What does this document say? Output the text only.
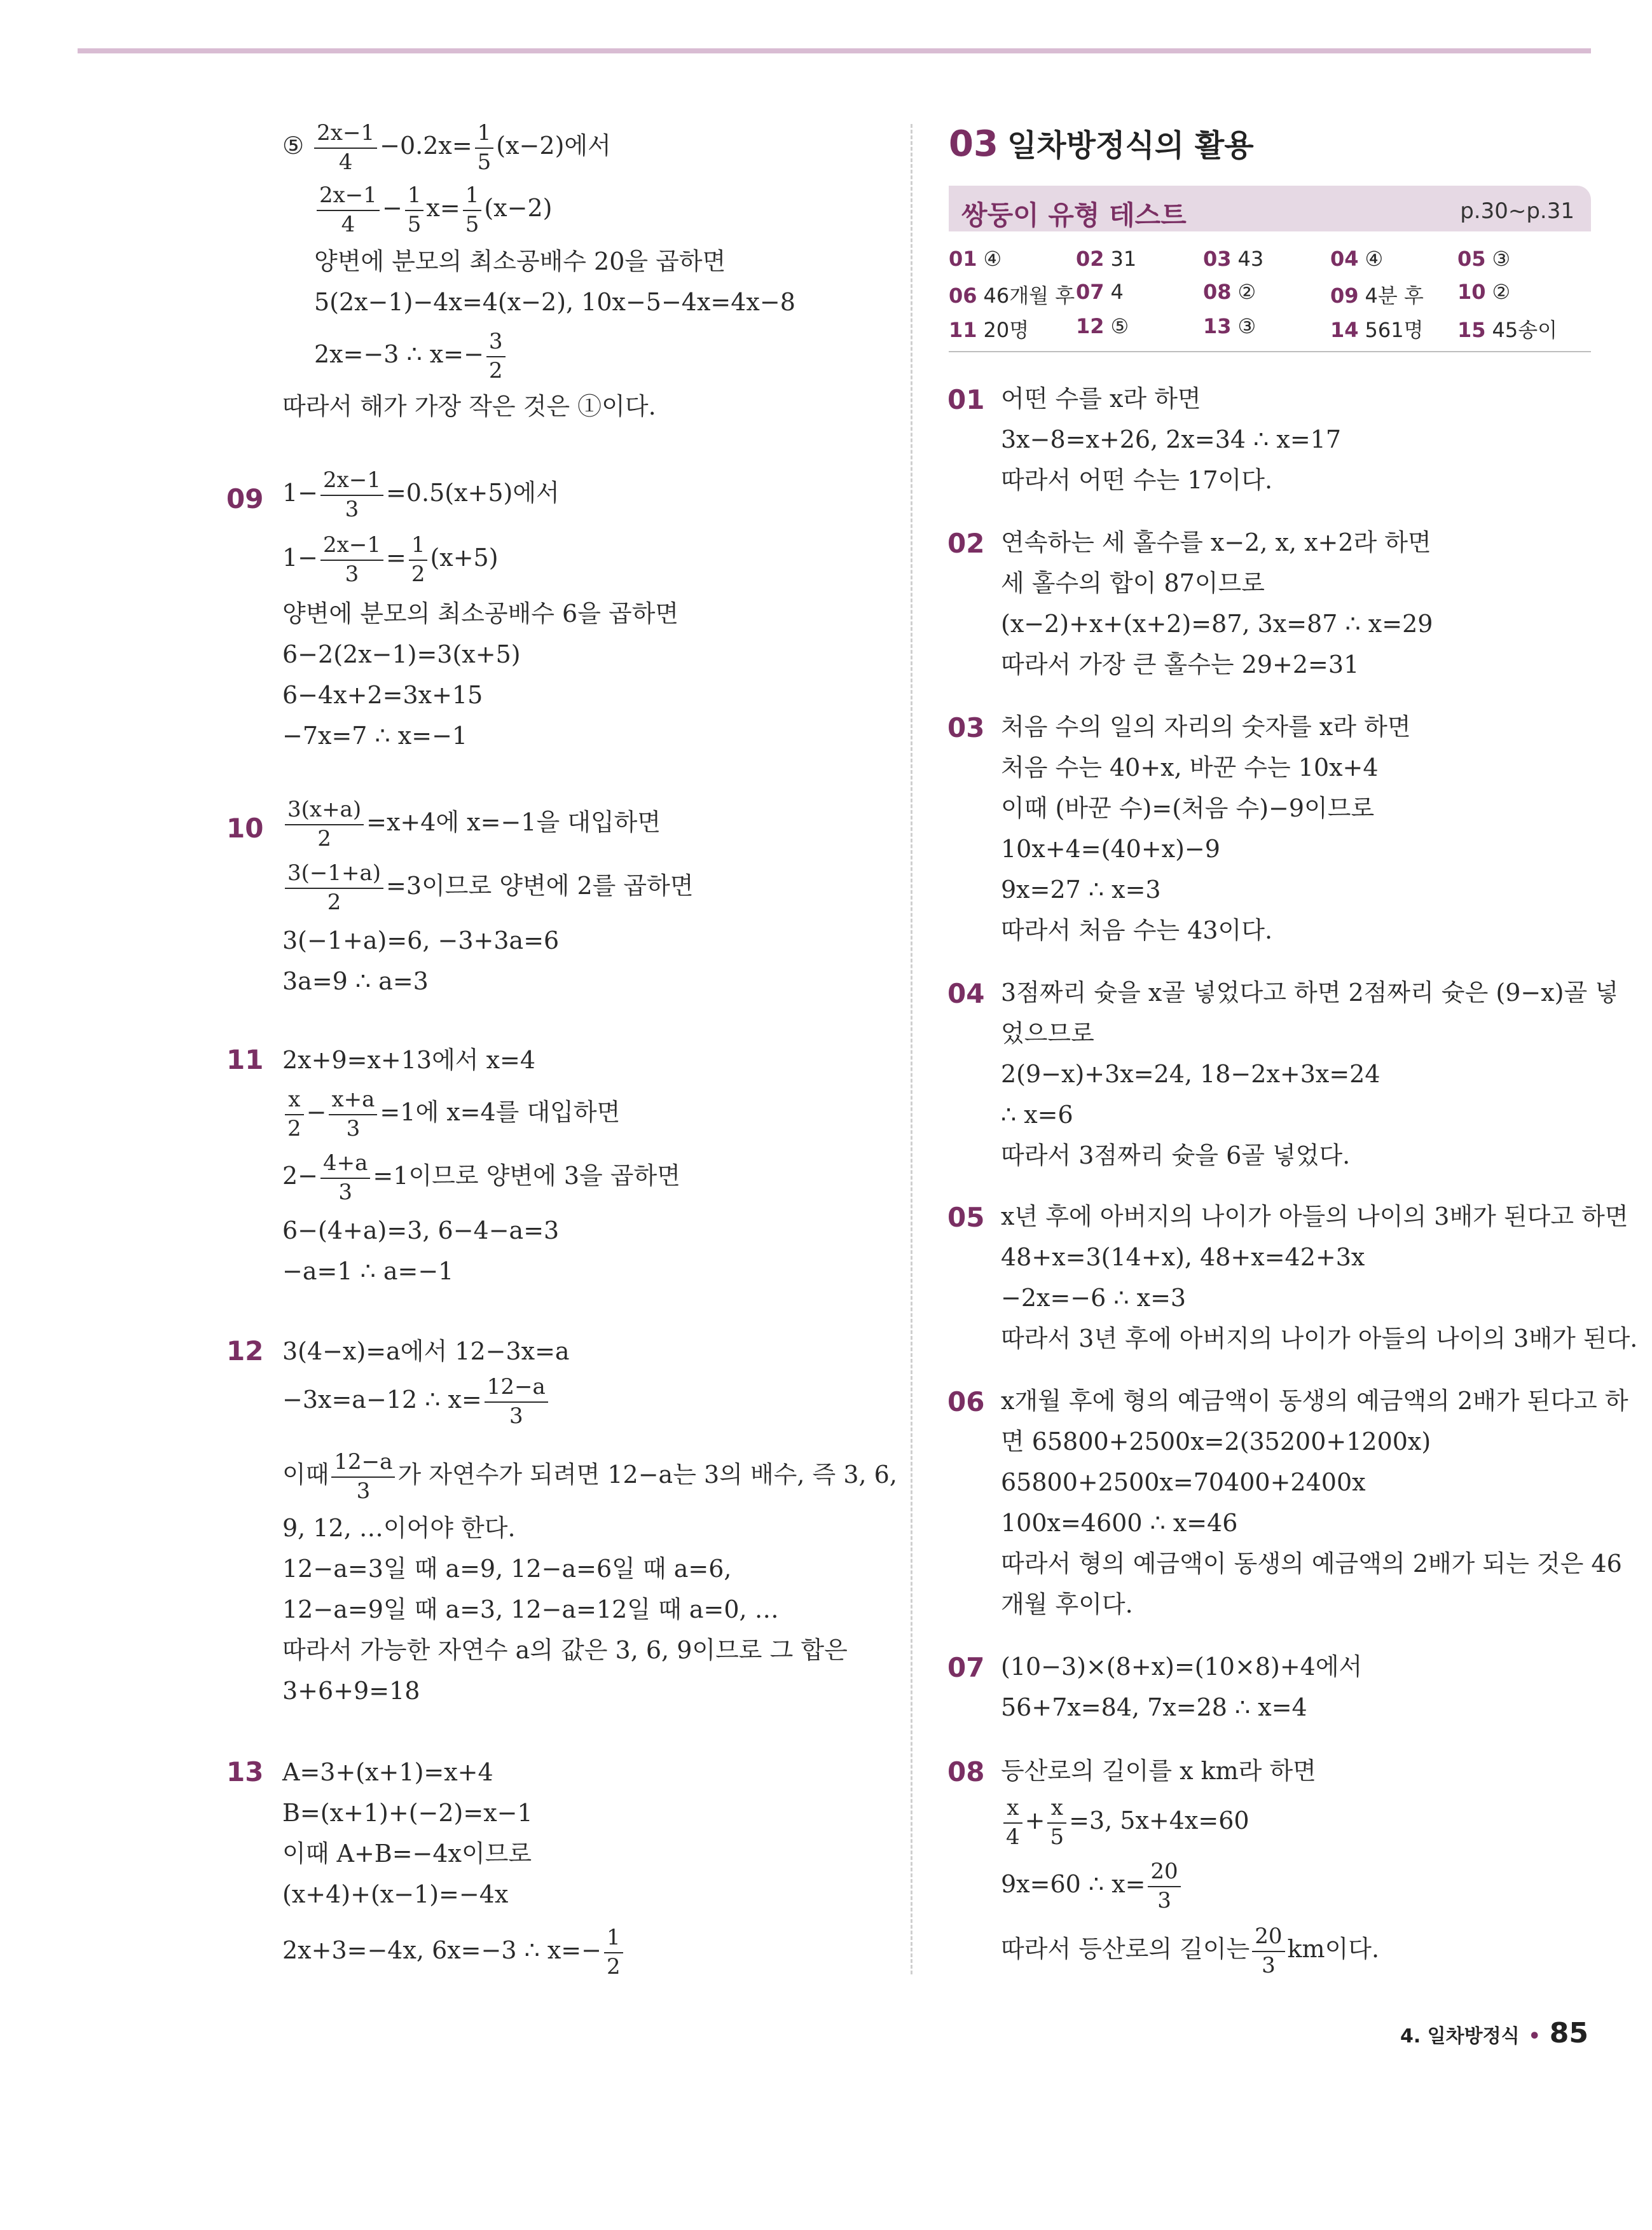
⑤ $\frac{2x-1}{4} -0.2x= \frac{1}{5} (x-2)$에서
$\frac{2x-1}{4} - \frac{1}{5} x= \frac{1}{5} (x-2)$
양변에 분모의 최소공배수 20을 곱하면
5(2x−1)−4x=4(x−2), 10x−5−4x=4x−8
2x=−3 ∴ $x=- \frac{3}{2}$
따라서 해가 가장 작은 것은 ①이다.
09 $1- \frac{2x-1}{3} =0.5(x+5)$에서
$1- \frac{2x-1}{3} = \frac{1}{2} (x+5)$
양변에 분모의 최소공배수 6을 곱하면
6−2(2x−1)=3(x+5)
6−4x+2=3x+15
−7x=7 ∴ x=−1
$10 \frac{3(x+a)}{2} =x+4$에 x=−1을 대입하면
$\frac{3(-1+a)}{2} =3$이므로 양변에 2를 곱하면
3(−1+a)=6, −3+3a=6
3a=9 ∴ a=3
11 2x+9=x+13에서 x=4
$\frac{x}{2} - \frac{x+a}{3} =1$에 x=4를 대입하면
$2- \frac{4+a}{3} =1$이므로 양변에 3을 곱하면
6−(4+a)=3, 6−4−a=3
−a=1 ∴ a=−1
12 3(4−x)=a에서 12−3x=a
−3x=a−12 ∴ $x= \frac{12-a}{3}$
이때 $\frac{12-a}{3}$ 가 자연수가 되려면 12−a는 3의 배수, 즉 3, 6,
9, 12, …이어야 한다.
12−a=3일 때 a=9, 12−a=6일 때 a=6,
12−a=9일 때 a=3, 12−a=12일 때 a=0, …
따라서 가능한 자연수 a의 값은 3, 6, 9이므로 그 합은
3+6+9=18
13 A=3+(x+1)=x+4
B=(x+1)+(−2)=x−1
이때 A+B=−4x이므로
(x+4)+(x−1)=−4x
2x+3=−4x, 6x=−3 ∴ $x=- \frac{1}{2}$
03 일차방정식의 활용
쌍둥이 유형 테스트	p.30~p.31
01 ④	02 31	03 43	04 ④	05 ③
06 46개월 후 07 4	08 ②	09 4분 후 10 ②
11 20명 12 ⑤	13 ③	14 561명 15 45송이
01 어떤 수를 x라 하면
3x−8=x+26, 2x=34 ∴ x=17
따라서 어떤 수는 17이다.
02 연속하는 세 홀수를 x−2, x, x+2라 하면
세 홀수의 합이 87이므로
(x−2)+x+(x+2)=87, 3x=87 ∴ x=29
따라서 가장 큰 홀수는 29+2=31
03 처음 수의 일의 자리의 숫자를 x라 하면
처음 수는 40+x, 바꾼 수는 10x+4
이때 (바꾼 수)=(처음 수)−9이므로
10x+4=(40+x)−9
9x=27 ∴ x=3
따라서 처음 수는 43이다.
04 3점짜리 슛을 x골 넣었다고 하면 2점짜리 슛은 (9−x)골 넣
었으므로
2(9−x)+3x=24, 18−2x+3x=24
∴ x=6
따라서 3점짜리 슛을 6골 넣었다.
05 x년 후에 아버지의 나이가 아들의 나이의 3배가 된다고 하면
48+x=3(14+x), 48+x=42+3x
−2x=−6 ∴ x=3
따라서 3년 후에 아버지의 나이가 아들의 나이의 3배가 된다.
06 x개월 후에 형의 예금액이 동생의 예금액의 2배가 된다고 하
면 65800+2500x=2(35200+1200x)
65800+2500x=70400+2400x
100x=4600 ∴ x=46
따라서 형의 예금액이 동생의 예금액의 2배가 되는 것은 46
개월 후이다.
07 (10−3)×(8+x)=(10×8)+4에서
56+7x=84, 7x=28 ∴ x=4
08 등산로의 길이를 x km라 하면
$\frac{x}{4} + \frac{x}{5} =3$, 5x+4x=60
9x=60 ∴ $x= \frac{20}{3}$
따라서 등산로의 길이는 $\frac{20}{3}$ km이다.
4. 일차방정식 • 85
